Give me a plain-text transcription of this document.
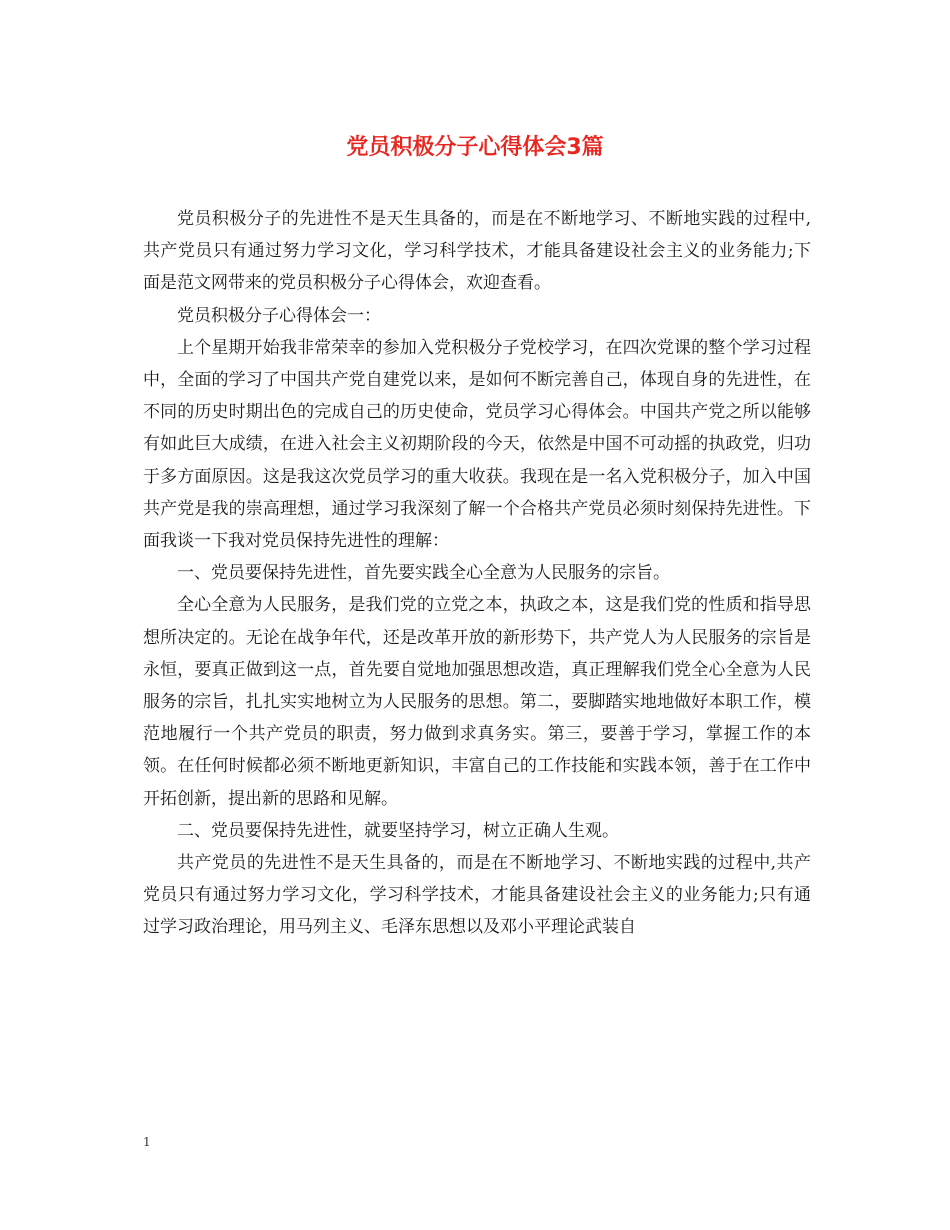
党员积极分子心得体会3篇

党员积极分子的先进性不是天生具备的，而是在不断地学习、不断地实践的过程中,共产党员只有通过努力学习文化，学习科学技术，才能具备建设社会主义的业务能力;下面是范文网带来的党员积极分子心得体会，欢迎查看。

党员积极分子心得体会一：

上个星期开始我非常荣幸的参加入党积极分子党校学习，在四次党课的整个学习过程中，全面的学习了中国共产党自建党以来，是如何不断完善自己，体现自身的先进性，在不同的历史时期出色的完成自己的历史使命，党员学习心得体会。中国共产党之所以能够有如此巨大成绩，在进入社会主义初期阶段的今天，依然是中国不可动摇的执政党，归功于多方面原因。这是我这次党员学习的重大收获。我现在是一名入党积极分子，加入中国共产党是我的崇高理想，通过学习我深刻了解一个合格共产党员必须时刻保持先进性。下面我谈一下我对党员保持先进性的理解：

一、党员要保持先进性，首先要实践全心全意为人民服务的宗旨。

全心全意为人民服务，是我们党的立党之本，执政之本，这是我们党的性质和指导思想所决定的。无论在战争年代，还是改革开放的新形势下，共产党人为人民服务的宗旨是永恒，要真正做到这一点，首先要自觉地加强思想改造，真正理解我们党全心全意为人民服务的宗旨，扎扎实实地树立为人民服务的思想。第二，要脚踏实地地做好本职工作，模范地履行一个共产党员的职责，努力做到求真务实。第三，要善于学习，掌握工作的本领。在任何时候都必须不断地更新知识，丰富自己的工作技能和实践本领，善于在工作中开拓创新，提出新的思路和见解。

二、党员要保持先进性，就要坚持学习，树立正确人生观。

共产党员的先进性不是天生具备的，而是在不断地学习、不断地实践的过程中,共产党员只有通过努力学习文化，学习科学技术，才能具备建设社会主义的业务能力;只有通过学习政治理论，用马列主义、毛泽东思想以及邓小平理论武装自

1
